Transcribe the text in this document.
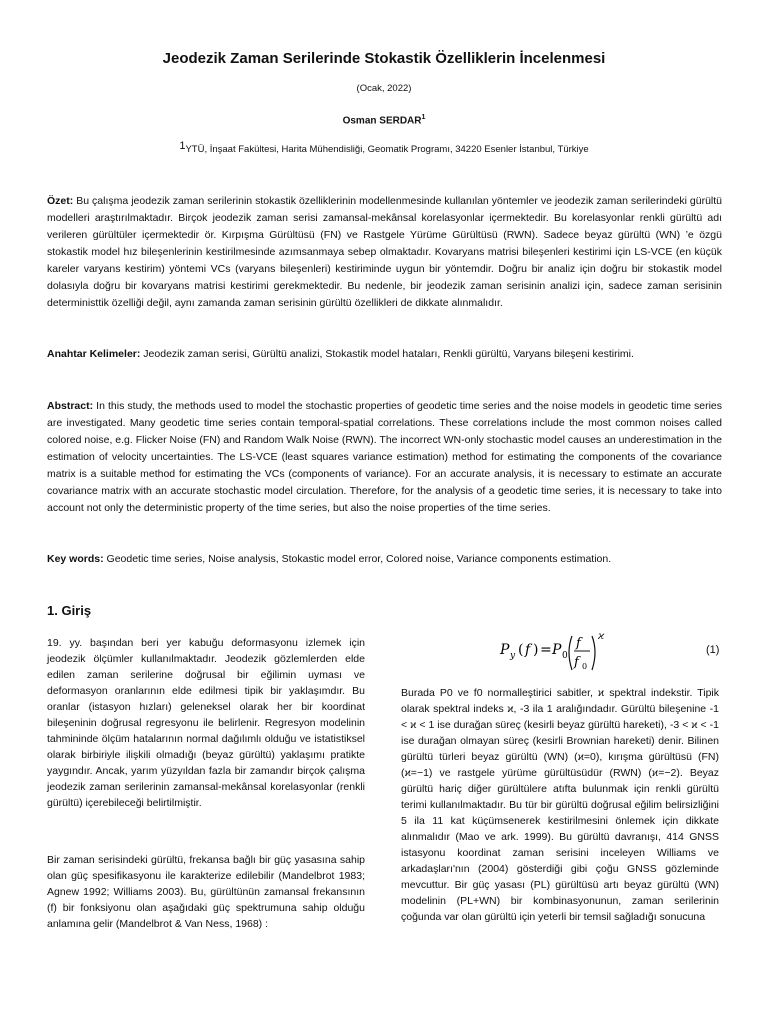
Jeodezik Zaman Serilerinde Stokastik Özelliklerin İncelenmesi
(Ocak, 2022)
Osman SERDAR$^1$
1YTÜ, İnşaat Fakültesi, Harita Mühendisliği, Geomatik Programı, 34220 Esenler İstanbul, Türkiye

Özet: Bu çalışma jeodezik zaman serilerinin stokastik özelliklerinin modellenmesinde kullanılan yöntemler ve jeodezik zaman serilerindeki gürültü modelleri araştırılmaktadır. Birçok jeodezik zaman serisi zamansal-mekânsal korelasyonlar içermektedir. Bu korelasyonlar renkli gürültü adı verileren gürültüler içermektedir ör. Kırpışma Gürültüsü (FN) ve Rastgele Yürüme Gürültüsü (RWN). Sadece beyaz gürültü (WN) ’e özgü stokastik model hız bileşenlerinin kestirilmesinde azımsanmaya sebep olmaktadır. Kovaryans matrisi bileşenleri kestirimi için LS-VCE (en küçük kareler varyans kestirim) yöntemi VCs (varyans bileşenleri) kestiriminde uygun bir yöntemdir. Doğru bir analiz için doğru bir stokastik model dolasıyla doğru bir kovaryans matrisi kestirimi gerekmektedir. Bu nedenle, bir jeodezik zaman serisinin analizi için, sadece zaman serisinin deterministtik özelliği değil, aynı zamanda zaman serisinin gürültü özellikleri de dikkate alınmalıdır.

Anahtar Kelimeler: Jeodezik zaman serisi, Gürültü analizi, Stokastik model hataları, Renkli gürültü, Varyans bileşeni kestirimi.

Abstract: In this study, the methods used to model the stochastic properties of geodetic time series and the noise models in geodetic time series are investigated. Many geodetic time series contain temporal-spatial correlations. These correlations include the most common noises called colored noise, e.g. Flicker Noise (FN) and Random Walk Noise (RWN). The incorrect WN-only stochastic model causes an underestimation in the estimation of velocity uncertainties. The LS-VCE (least squares variance estimation) method for estimating the components of the covariance matrix is a suitable method for estimating the VCs (components of variance). For an accurate analysis, it is necessary to estimate an accurate covariance matrix with an accurate stochastic model circulation. Therefore, for the analysis of a geodetic time series, it is necessary to take into account not only the deterministic property of the time series, but also the noise properties of the time series.

Key words: Geodetic time series, Noise analysis, Stokastic model error, Colored noise, Variance components estimation.

1. Giriş

19. yy. başından beri yer kabuğu deformasyonu izlemek için jeodezik ölçümler kullanılmaktadır. Jeodezik gözlemlerden elde edilen zaman serilerine doğrusal bir eğilimin uyması ve deformasyon oranlarının elde edilmesi tipik bir yaklaşımdır. Bu oranlar (istasyon hızları) geleneksel olarak her bir koordinat bileşeninin doğrusal regresyonu ile belirlenir. Regresyon modelinin tahmininde ölçüm hatalarının normal dağılımlı olduğu ve istatistiksel olarak birbiriyle ilişkili olmadığı (beyaz gürültü) yaklaşımı pratikte yaygındır. Ancak, yarım yüzyıldan fazla bir zamandır birçok çalışma jeodezik zaman serilerinin zamansal-mekânsal korelasyonlar (renkli gürültü) içerebileceği belirtilmiştir.

Bir zaman serisindeki gürültü, frekansa bağlı bir güç yasasına sahip olan güç spesifikasyonu ile karakterize edilebilir (Mandelbrot 1983; Agnew 1992; Williams 2003). Bu, gürültünün zamansal frekansının (f) bir fonksiyonu olan aşağıdaki güç spektrumuna sahip olduğu anlamına gelir (Mandelbrot & Van Ness, 1968) :

P y ( f ) = P 0
f
f 0
ϰ
(1)

Burada P0 ve f0 normalleştirici sabitler, ϰ spektral indekstir. Tipik olarak spektral indeks ϰ, -3 ila 1 aralığındadır. Gürültü bileşenine -1 < ϰ < 1 ise durağan süreç (kesirli beyaz gürültü hareketi), -3 < ϰ < -1 ise durağan olmayan süreç (kesirli Brownian hareketi) denir. Bilinen gürültü türleri beyaz gürültü (WN) (ϰ=0), kırışma gürültüsü (FN) (ϰ=−1) ve rastgele yürüme gürültüsüdür (RWN) (ϰ=−2). Beyaz gürültü hariç diğer gürültülere atıfta bulunmak için renkli gürültü terimi kullanılmaktadır. Bu tür bir gürültü doğrusal eğilim belirsizliğini 5 ila 11 kat küçümsenerek kestirilmesini önlemek için dikkate alınmalıdır (Mao ve ark. 1999). Bu gürültü davranışı, 414 GNSS istasyonu koordinat zaman serisini inceleyen Williams ve arkadaşları'nın (2004) gösterdiği gibi çoğu GNSS gözleminde mevcuttur. Bir güç yasası (PL) gürültüsü artı beyaz gürültü (WN) modelinin (PL+WN) bir kombinasyonunun, zaman serilerinin çoğunda var olan gürültü için yeterli bir temsil sağladığı sonucuna
